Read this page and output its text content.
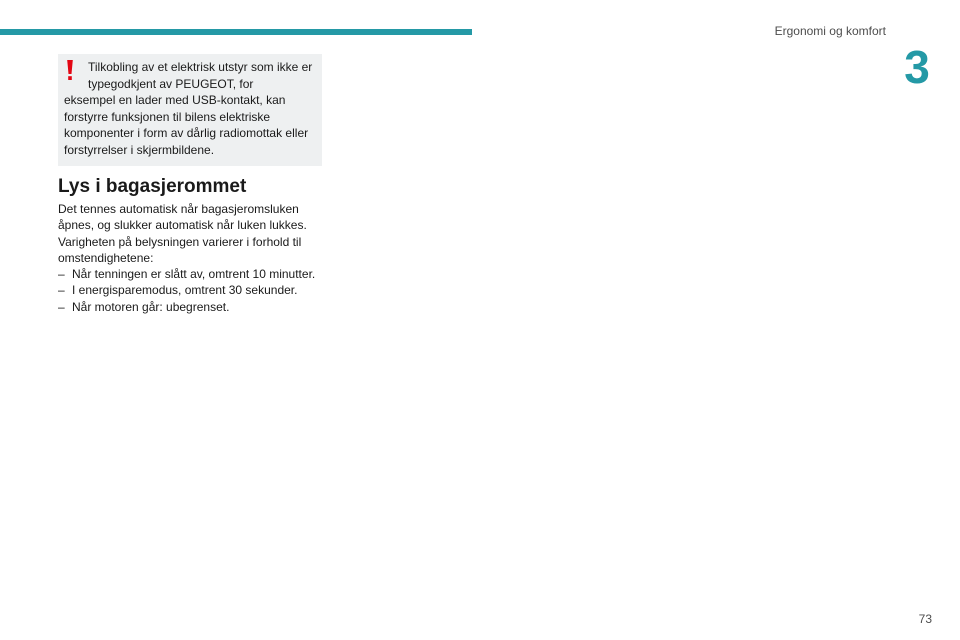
Ergonomi og komfort
3
Tilkobling av et elektrisk utstyr som ikke er typegodkjent av PEUGEOT, for
eksempel en lader med USB-kontakt, kan forstyrre funksjonen til bilens elektriske komponenter i form av dårlig radiomottak eller forstyrrelser i skjermbildene.
Lys i bagasjerommet

Det tennes automatisk når bagasjeromsluken åpnes, og slukker automatisk når luken lukkes. Varigheten på belysningen varierer i forhold til omstendighetene:

– Når tenningen er slått av, omtrent 10 minutter.
– I energisparemodus, omtrent 30 sekunder.
– Når motoren går: ubegrenset.
73
